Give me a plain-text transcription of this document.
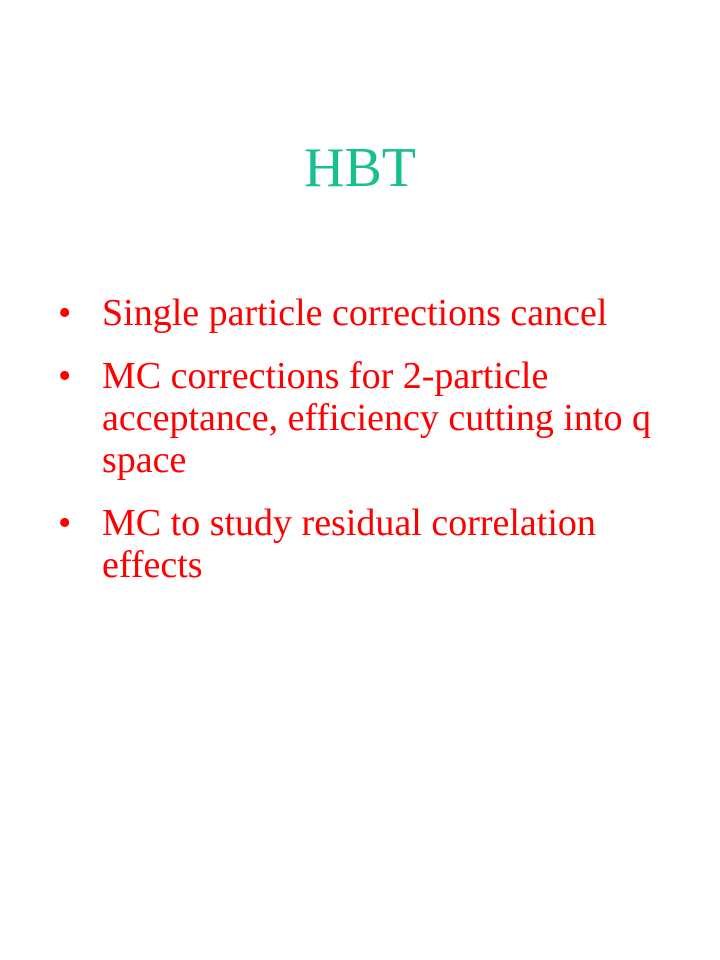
HBT
• Single particle corrections cancel
• MC corrections for 2-particle acceptance, efficiency cutting into q space
• MC to study residual correlation effects
